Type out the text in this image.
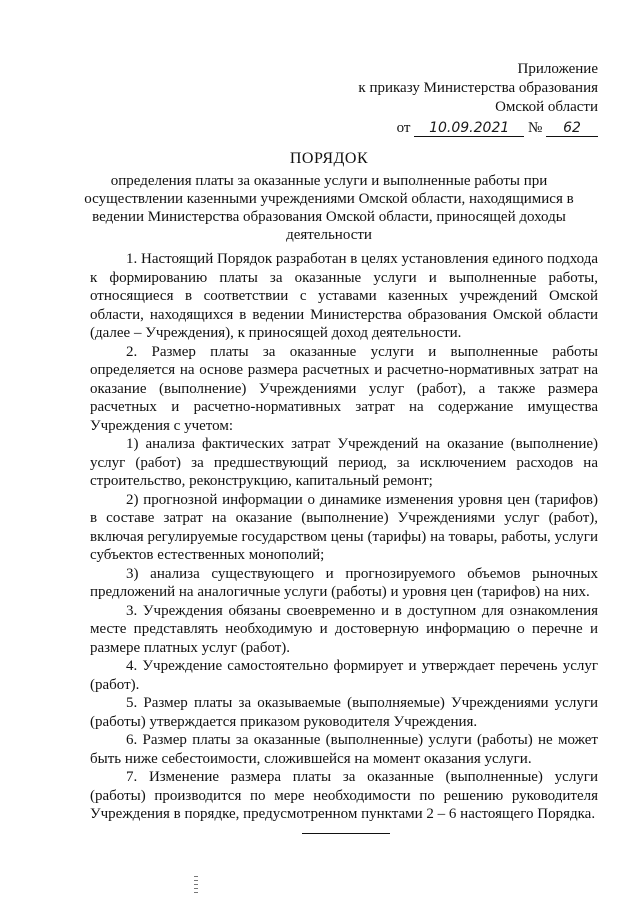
Приложение
к приказу Министерства образования
Омской области
от 10.09.2021 № 62
ПОРЯДОК
определения платы за оказанные услуги и выполненные работы при осуществлении казенными учреждениями Омской области, находящимися в ведении Министерства образования Омской области, приносящей доходы деятельности

1. Настоящий Порядок разработан в целях установления единого подхода к формированию платы за оказанные услуги и выполненные работы, относящиеся в соответствии с уставами казенных учреждений Омской области, находящихся в ведении Министерства образования Омской области (далее – Учреждения), к приносящей доход деятельности.

2. Размер платы за оказанные услуги и выполненные работы определяется на основе размера расчетных и расчетно-нормативных затрат на оказание (выполнение) Учреждениями услуг (работ), а также размера расчетных и расчетно-нормативных затрат на содержание имущества Учреждения с учетом:

1) анализа фактических затрат Учреждений на оказание (выполнение) услуг (работ) за предшествующий период, за исключением расходов на строительство, реконструкцию, капитальный ремонт;

2) прогнозной информации о динамике изменения уровня цен (тарифов) в составе затрат на оказание (выполнение) Учреждениями услуг (работ), включая регулируемые государством цены (тарифы) на товары, работы, услуги субъектов естественных монополий;

3) анализа существующего и прогнозируемого объемов рыночных предложений на аналогичные услуги (работы) и уровня цен (тарифов) на них.

3. Учреждения обязаны своевременно и в доступном для ознакомления месте представлять необходимую и достоверную информацию о перечне и размере платных услуг (работ).

4. Учреждение самостоятельно формирует и утверждает перечень услуг (работ).

5. Размер платы за оказываемые (выполняемые) Учреждениями услуги (работы) утверждается приказом руководителя Учреждения.

6. Размер платы за оказанные (выполненные) услуги (работы) не может быть ниже себестоимости, сложившейся на момент оказания услуги.

7. Изменение размера платы за оказанные (выполненные) услуги (работы) производится по мере необходимости по решению руководителя Учреждения в порядке, предусмотренном пунктами 2 – 6 настоящего Порядка.
